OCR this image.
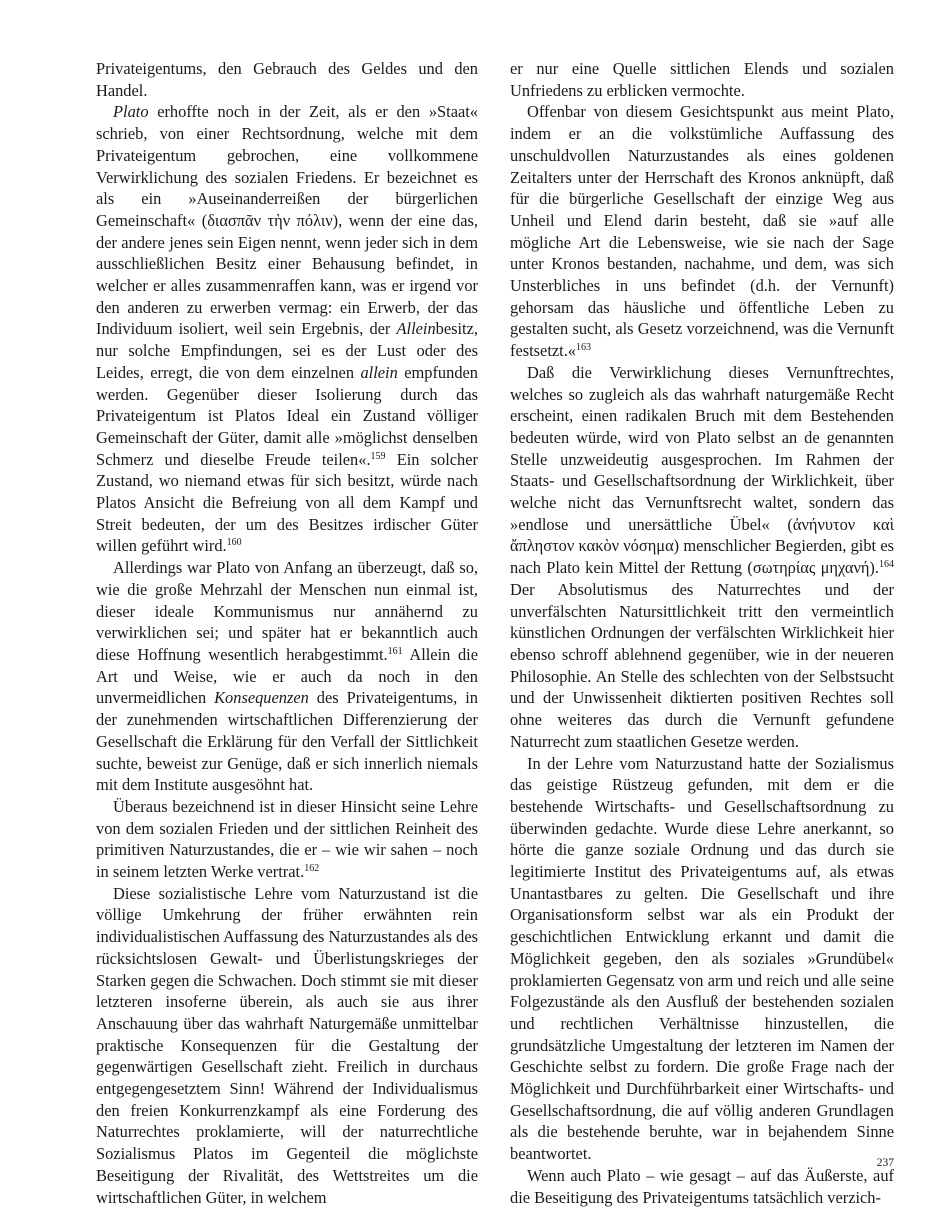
Privateigentums, den Gebrauch des Geldes und den Handel.

Plato erhoffte noch in der Zeit, als er den »Staat« schrieb, von einer Rechtsordnung, welche mit dem Privateigentum gebrochen, eine vollkommene Verwirklichung des sozialen Friedens. Er bezeichnet es als ein »Auseinanderreißen der bürgerlichen Gemeinschaft« (διασπᾶν τὴν πόλιν), wenn der eine das, der andere jenes sein Eigen nennt, wenn jeder sich in dem ausschließlichen Besitz einer Behausung befindet, in welcher er alles zusammenraffen kann, was er irgend vor den anderen zu erwerben vermag: ein Erwerb, der das Individuum isoliert, weil sein Ergebnis, der Alleinbesitz, nur solche Empfindungen, sei es der Lust oder des Leides, erregt, die von dem einzelnen allein empfunden werden. Gegenüber dieser Isolierung durch das Privateigentum ist Platos Ideal ein Zustand völliger Gemeinschaft der Güter, damit alle »möglichst denselben Schmerz und dieselbe Freude teilen«.$^{159}$ Ein solcher Zustand, wo niemand etwas für sich besitzt, würde nach Platos Ansicht die Befreiung von all dem Kampf und Streit bedeuten, der um des Besitzes irdischer Güter willen geführt wird.$^{160}$

Allerdings war Plato von Anfang an überzeugt, daß so, wie die große Mehrzahl der Menschen nun einmal ist, dieser ideale Kommunismus nur annähernd zu verwirklichen sei; und später hat er bekanntlich auch diese Hoffnung wesentlich herabgestimmt.$^{161}$ Allein die Art und Weise, wie er auch da noch in den unvermeidlichen Konsequenzen des Privateigentums, in der zunehmenden wirtschaftlichen Differenzierung der Gesellschaft die Erklärung für den Verfall der Sittlichkeit suchte, beweist zur Genüge, daß er sich innerlich niemals mit dem Institute ausgesöhnt hat.

Überaus bezeichnend ist in dieser Hinsicht seine Lehre von dem sozialen Frieden und der sittlichen Reinheit des primitiven Naturzustandes, die er – wie wir sahen – noch in seinem letzten Werke vertrat.$^{162}$

Diese sozialistische Lehre vom Naturzustand ist die völlige Umkehrung der früher erwähnten rein individualistischen Auffassung des Naturzustandes als des rücksichtslosen Gewalt- und Überlistungskrieges der Starken gegen die Schwachen. Doch stimmt sie mit dieser letzteren insoferne überein, als auch sie aus ihrer Anschauung über das wahrhaft Naturgemäße unmittelbar praktische Konsequenzen für die Gestaltung der gegenwärtigen Gesellschaft zieht. Freilich in durchaus entgegengesetztem Sinn! Während der Individualismus den freien Konkurrenzkampf als eine Forderung des Naturrechtes proklamierte, will der naturrechtliche Sozialismus Platos im Gegenteil die möglichste Beseitigung der Rivalität, des Wettstreites um die wirtschaftlichen Güter, in welchem

er nur eine Quelle sittlichen Elends und sozialen Unfriedens zu erblicken vermochte.

Offenbar von diesem Gesichtspunkt aus meint Plato, indem er an die volkstümliche Auffassung des unschuldvollen Naturzustandes als eines goldenen Zeitalters unter der Herrschaft des Kronos anknüpft, daß für die bürgerliche Gesellschaft der einzige Weg aus Unheil und Elend darin besteht, daß sie »auf alle mögliche Art die Lebensweise, wie sie nach der Sage unter Kronos bestanden, nachahme, und dem, was sich Unsterbliches in uns befindet (d.h. der Vernunft) gehorsam das häusliche und öffentliche Leben zu gestalten sucht, als Gesetz vorzeichnend, was die Vernunft festsetzt.«$^{163}$

Daß die Verwirklichung dieses Vernunftrechtes, welches so zugleich als das wahrhaft naturgemäße Recht erscheint, einen radikalen Bruch mit dem Bestehenden bedeuten würde, wird von Plato selbst an de genannten Stelle unzweideutig ausgesprochen. Im Rahmen der Staats- und Gesellschaftsordnung der Wirklichkeit, über welche nicht das Vernunftsrecht waltet, sondern das »endlose und unersättliche Übel« (ἀνήνυτον καὶ ἄπληστον κακὸν νόσημα) menschlicher Begierden, gibt es nach Plato kein Mittel der Rettung (σωτηρίας μηχανή).$^{164}$ Der Absolutismus des Naturrechtes und der unverfälschten Natursittlichkeit tritt den vermeintlich künstlichen Ordnungen der verfälschten Wirklichkeit hier ebenso schroff ablehnend gegenüber, wie in der neueren Philosophie. An Stelle des schlechten von der Selbstsucht und der Unwissenheit diktierten positiven Rechtes soll ohne weiteres das durch die Vernunft gefundene Naturrecht zum staatlichen Gesetze werden.

In der Lehre vom Naturzustand hatte der Sozialismus das geistige Rüstzeug gefunden, mit dem er die bestehende Wirtschafts- und Gesellschaftsordnung zu überwinden gedachte. Wurde diese Lehre anerkannt, so hörte die ganze soziale Ordnung und das durch sie legitimierte Institut des Privateigentums auf, als etwas Unantastbares zu gelten. Die Gesellschaft und ihre Organisationsform selbst war als ein Produkt der geschichtlichen Entwicklung erkannt und damit die Möglichkeit gegeben, den als soziales »Grundübel« proklamierten Gegensatz von arm und reich und alle seine Folgezustände als den Ausfluß der bestehenden sozialen und rechtlichen Verhältnisse hinzustellen, die grundsätzliche Umgestaltung der letzteren im Namen der Geschichte selbst zu fordern. Die große Frage nach der Möglichkeit und Durchführbarkeit einer Wirtschafts- und Gesellschaftsordnung, die auf völlig anderen Grundlagen als die bestehende beruhte, war in bejahendem Sinne beantwortet.

Wenn auch Plato – wie gesagt – auf das Äußerste, auf die Beseitigung des Privateigentums tatsächlich verzich-

237
